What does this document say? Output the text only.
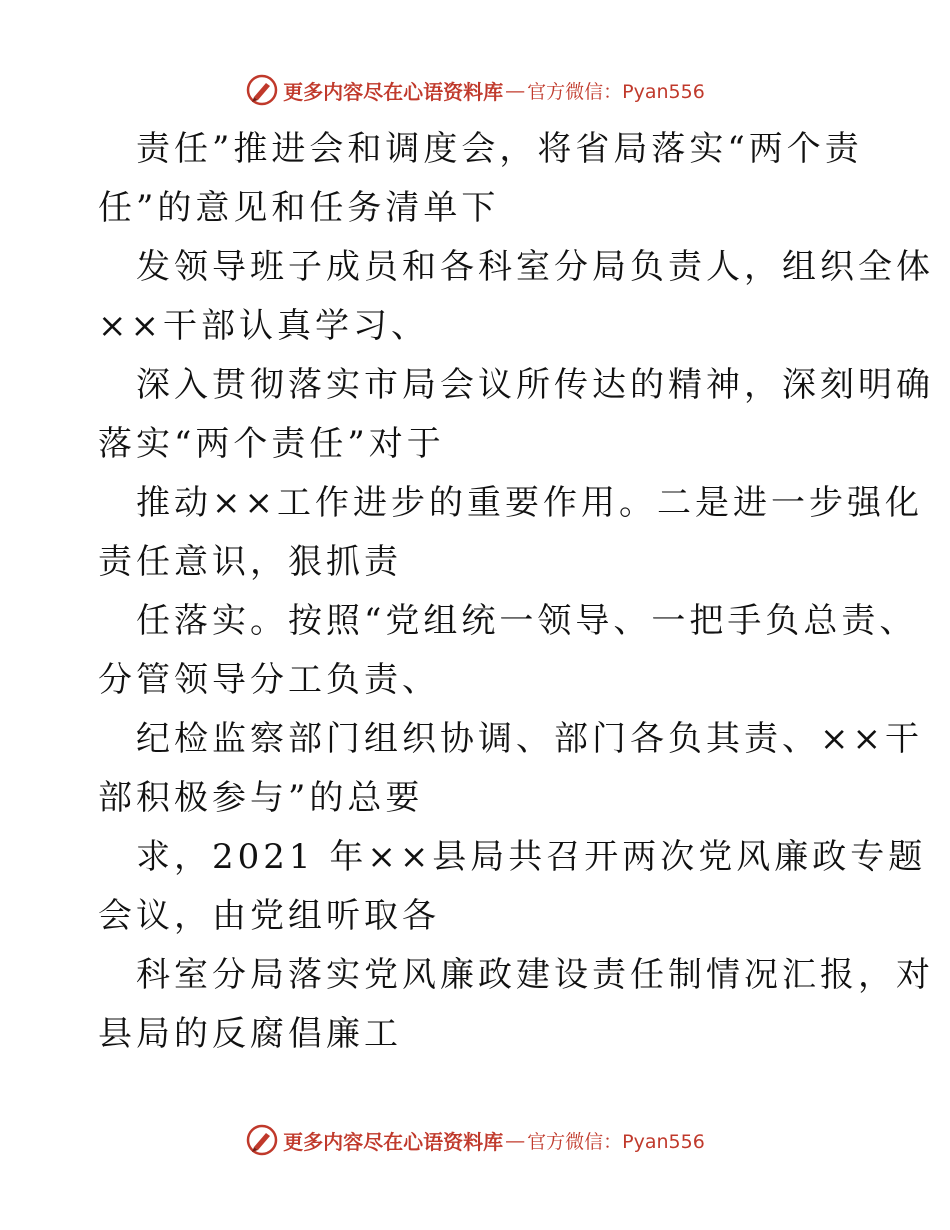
更多内容尽在心语资料库 — 官方微信：Pyan556
责任”推进会和调度会，将省局落实“两个责
任”的意见和任务清单下
发领导班子成员和各科室分局负责人，组织全体
××干部认真学习、
深入贯彻落实市局会议所传达的精神，深刻明确
落实“两个责任”对于
推动××工作进步的重要作用。二是进一步强化
责任意识，狠抓责
任落实。按照“党组统一领导、一把手负总责、
分管领导分工负责、
纪检监察部门组织协调、部门各负其责、××干
部积极参与”的总要
求，2021 年××县局共召开两次党风廉政专题
会议，由党组听取各
科室分局落实党风廉政建设责任制情况汇报，对
县局的反腐倡廉工
更多内容尽在心语资料库 — 官方微信：Pyan556
